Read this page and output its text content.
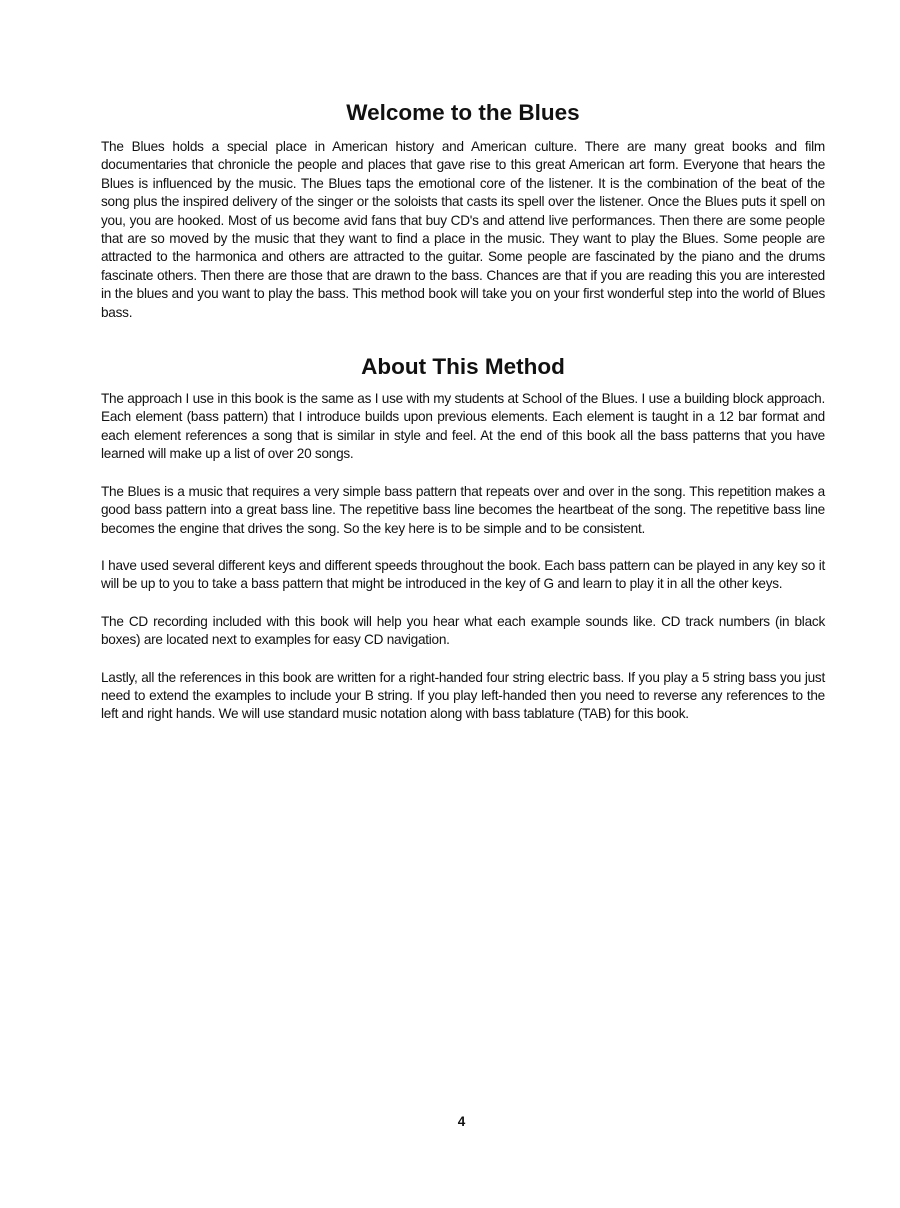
Welcome to the Blues

The Blues holds a special place in American history and American culture. There are many great books and film documentaries that chronicle the people and places that gave rise to this great American art form. Everyone that hears the Blues is influenced by the music. The Blues taps the emotional core of the listener. It is the combination of the beat of the song plus the inspired delivery of the singer or the soloists that casts its spell over the listener. Once the Blues puts it spell on you, you are hooked. Most of us become avid fans that buy CD's and attend live performances. Then there are some people that are so moved by the music that they want to find a place in the music. They want to play the Blues. Some people are attracted to the harmonica and others are attracted to the guitar. Some people are fascinated by the piano and the drums fascinate others. Then there are those that are drawn to the bass. Chances are that if you are reading this you are interested in the blues and you want to play the bass. This method book will take you on your first wonderful step into the world of Blues bass.

About This Method

The approach I use in this book is the same as I use with my students at School of the Blues. I use a building block approach. Each element (bass pattern) that I introduce builds upon previous elements. Each element is taught in a 12 bar format and each element references a song that is similar in style and feel. At the end of this book all the bass patterns that you have learned will make up a list of over 20 songs.

The Blues is a music that requires a very simple bass pattern that repeats over and over in the song. This repetition makes a good bass pattern into a great bass line. The repetitive bass line becomes the heartbeat of the song. The repetitive bass line becomes the engine that drives the song. So the key here is to be simple and to be consistent.

I have used several different keys and different speeds throughout the book. Each bass pattern can be played in any key so it will be up to you to take a bass pattern that might be introduced in the key of G and learn to play it in all the other keys.

The CD recording included with this book will help you hear what each example sounds like. CD track numbers (in black boxes) are located next to examples for easy CD navigation.

Lastly, all the references in this book are written for a right-handed four string electric bass. If you play a 5 string bass you just need to extend the examples to include your B string. If you play left-handed then you need to reverse any references to the left and right hands. We will use standard music notation along with bass tablature (TAB) for this book.

4
